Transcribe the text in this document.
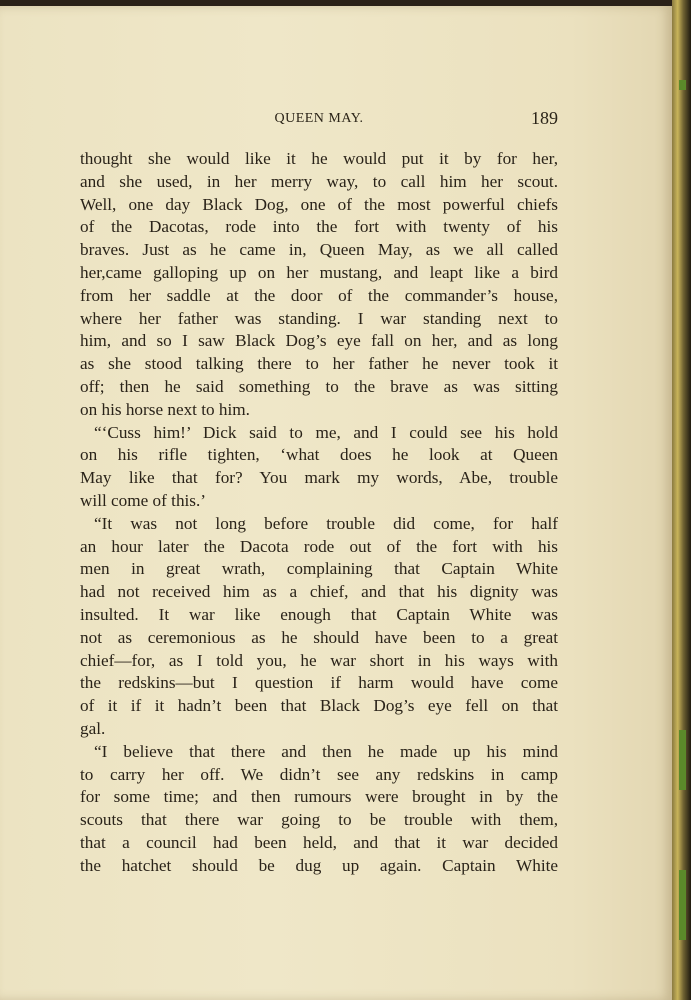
QUEEN MAY.	189
thought she would like it he would put it by for her,
and she used, in her merry way, to call him her scout.
Well, one day Black Dog, one of the most powerful chiefs
of the Dacotas, rode into the fort with twenty of his
braves. Just as he came in, Queen May, as we all called
her,came galloping up on her mustang, and leapt like a bird
from her saddle at the door of the commander’s house,
where her father was standing. I war standing next to
him, and so I saw Black Dog’s eye fall on her, and as long
as she stood talking there to her father he never took it
off; then he said something to the brave as was sitting
on his horse next to him.
“‘Cuss him!’ Dick said to me, and I could see his hold
on his rifle tighten, ‘what does he look at Queen
May like that for? You mark my words, Abe, trouble
will come of this.’
“It was not long before trouble did come, for half
an hour later the Dacota rode out of the fort with his
men in great wrath, complaining that Captain White
had not received him as a chief, and that his dignity was
insulted. It war like enough that Captain White was
not as ceremonious as he should have been to a great
chief—for, as I told you, he war short in his ways with
the redskins—but I question if harm would have come
of it if it hadn’t been that Black Dog’s eye fell on that
gal.
“I believe that there and then he made up his mind
to carry her off. We didn’t see any redskins in camp
for some time; and then rumours were brought in by the
scouts that there war going to be trouble with them,
that a council had been held, and that it war decided
the hatchet should be dug up again. Captain White
